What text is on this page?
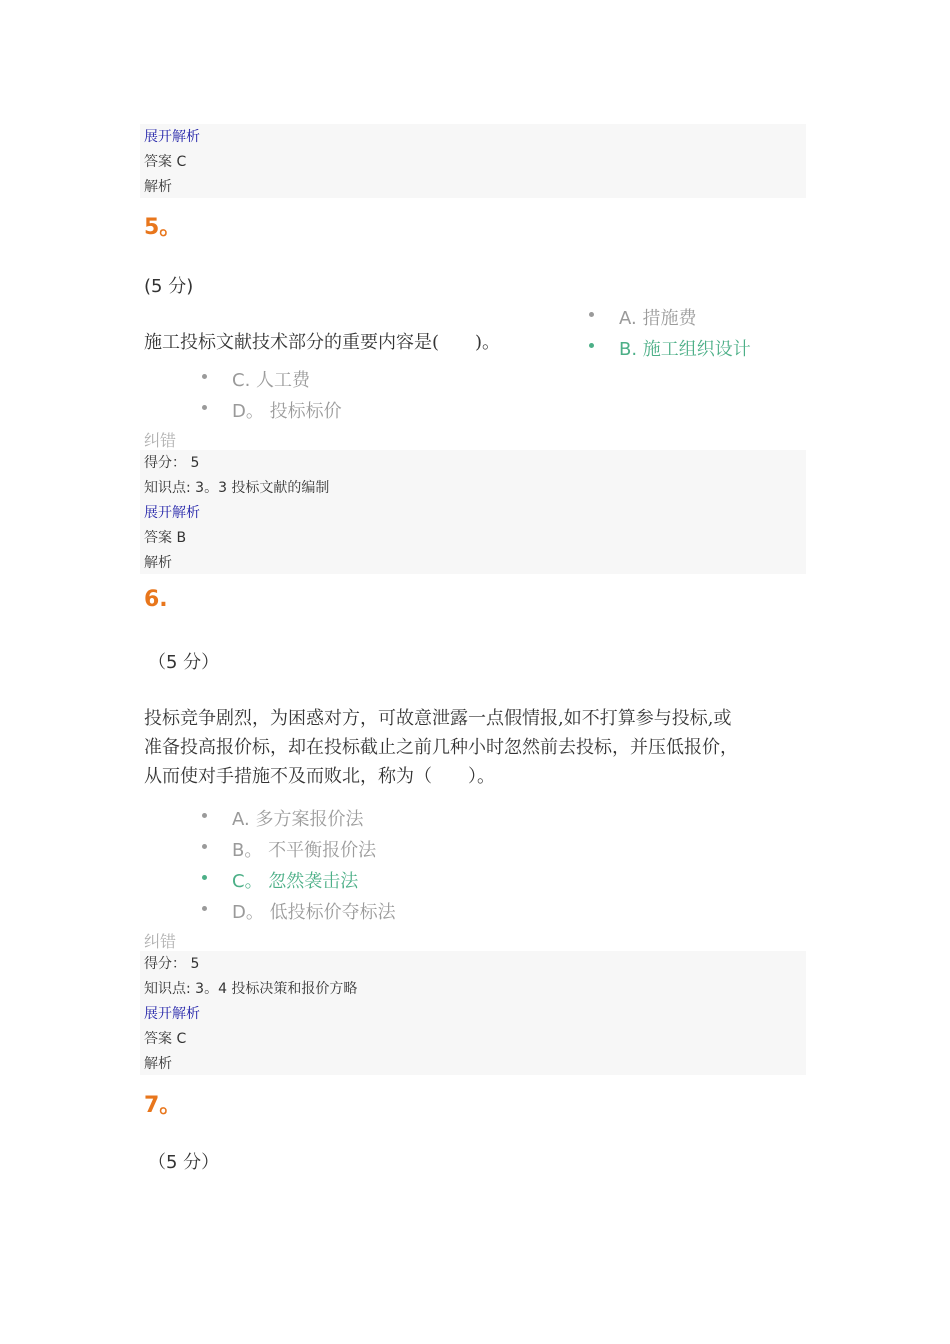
展开解析
答案 C
解析
5。
(5 分)
施工投标文献技术部分的重要内容是(　　)。
A. 措施费
B. 施工组织设计
C. 人工费
D。 投标标价
纠错
得分： 5
知识点: 3。3 投标文献的编制
展开解析
答案 B
解析
6.
（5 分）
投标竞争剧烈，为困惑对方，可故意泄露一点假情报,如不打算参与投标,或
准备投高报价标，却在投标截止之前几种小时忽然前去投标，并压低报价，
从而使对手措施不及而败北，称为（　　）。
A. 多方案报价法
B。 不平衡报价法
C。 忽然袭击法
D。 低投标价夺标法
纠错
得分： 5
知识点: 3。4 投标决策和报价方略
展开解析
答案 C
解析
7。
（5 分）
